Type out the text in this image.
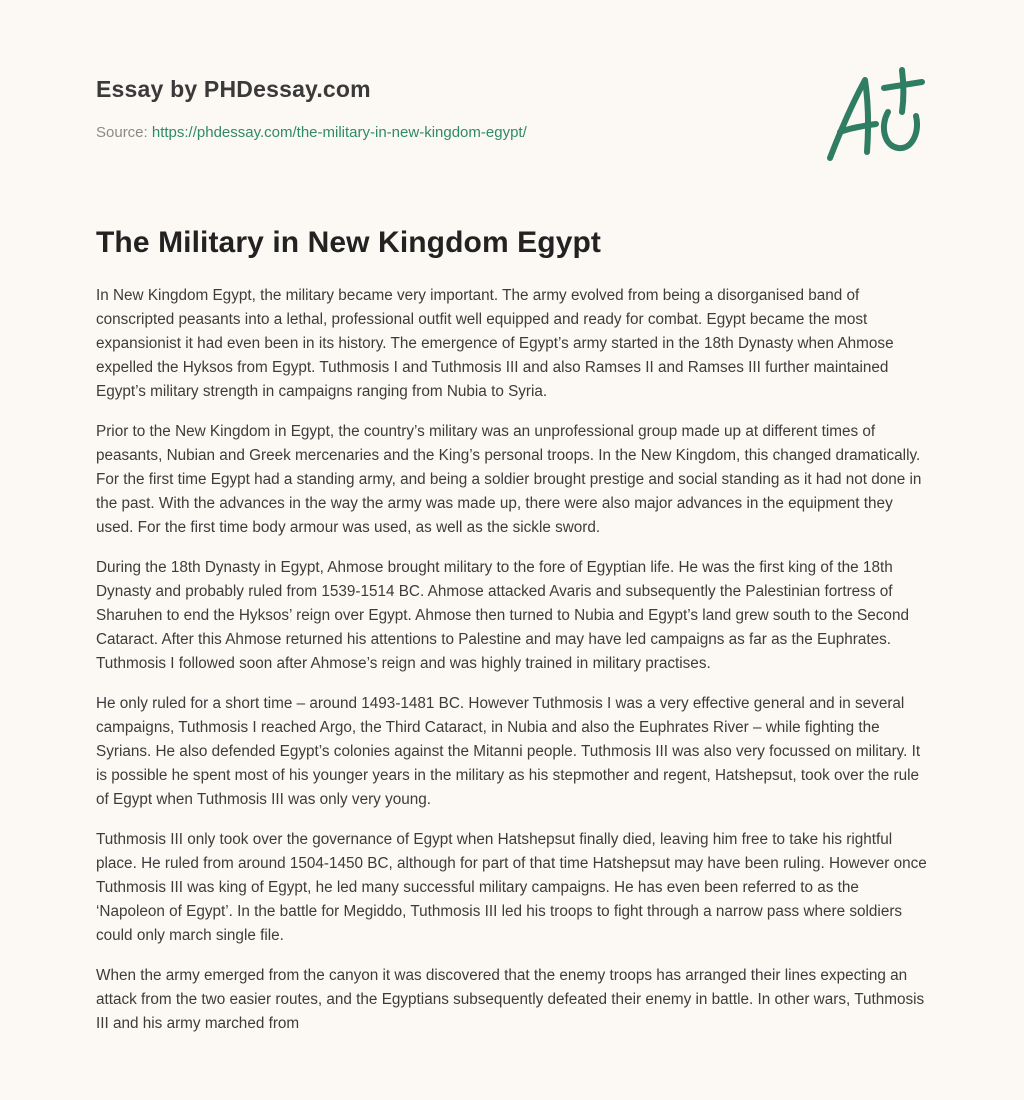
Essay by PHDessay.com
Source: https://phdessay.com/the-military-in-new-kingdom-egypt/
The Military in New Kingdom Egypt

In New Kingdom Egypt, the military became very important. The army evolved from being a disorganised band of conscripted peasants into a lethal, professional outfit well equipped and ready for combat. Egypt became the most expansionist it had even been in its history. The emergence of Egypt’s army started in the 18th Dynasty when Ahmose expelled the Hyksos from Egypt. Tuthmosis I and Tuthmosis III and also Ramses II and Ramses III further maintained Egypt’s military strength in campaigns ranging from Nubia to Syria.

Prior to the New Kingdom in Egypt, the country’s military was an unprofessional group made up at different times of peasants, Nubian and Greek mercenaries and the King’s personal troops. In the New Kingdom, this changed dramatically. For the first time Egypt had a standing army, and being a soldier brought prestige and social standing as it had not done in the past. With the advances in the way the army was made up, there were also major advances in the equipment they used. For the first time body armour was used, as well as the sickle sword.

During the 18th Dynasty in Egypt, Ahmose brought military to the fore of Egyptian life. He was the first king of the 18th Dynasty and probably ruled from 1539-1514 BC. Ahmose attacked Avaris and subsequently the Palestinian fortress of Sharuhen to end the Hyksos’ reign over Egypt. Ahmose then turned to Nubia and Egypt’s land grew south to the Second Cataract. After this Ahmose returned his attentions to Palestine and may have led campaigns as far as the Euphrates. Tuthmosis I followed soon after Ahmose’s reign and was highly trained in military practises.

He only ruled for a short time – around 1493-1481 BC. However Tuthmosis I was a very effective general and in several campaigns, Tuthmosis I reached Argo, the Third Cataract, in Nubia and also the Euphrates River – while fighting the Syrians. He also defended Egypt’s colonies against the Mitanni people. Tuthmosis III was also very focussed on military. It is possible he spent most of his younger years in the military as his stepmother and regent, Hatshepsut, took over the rule of Egypt when Tuthmosis III was only very young.

Tuthmosis III only took over the governance of Egypt when Hatshepsut finally died, leaving him free to take his rightful place. He ruled from around 1504-1450 BC, although for part of that time Hatshepsut may have been ruling. However once Tuthmosis III was king of Egypt, he led many successful military campaigns. He has even been referred to as the ‘Napoleon of Egypt’. In the battle for Megiddo, Tuthmosis III led his troops to fight through a narrow pass where soldiers could only march single file.

When the army emerged from the canyon it was discovered that the enemy troops has arranged their lines expecting an attack from the two easier routes, and the Egyptians subsequently defeated their enemy in battle. In other wars, Tuthmosis III and his army marched from
